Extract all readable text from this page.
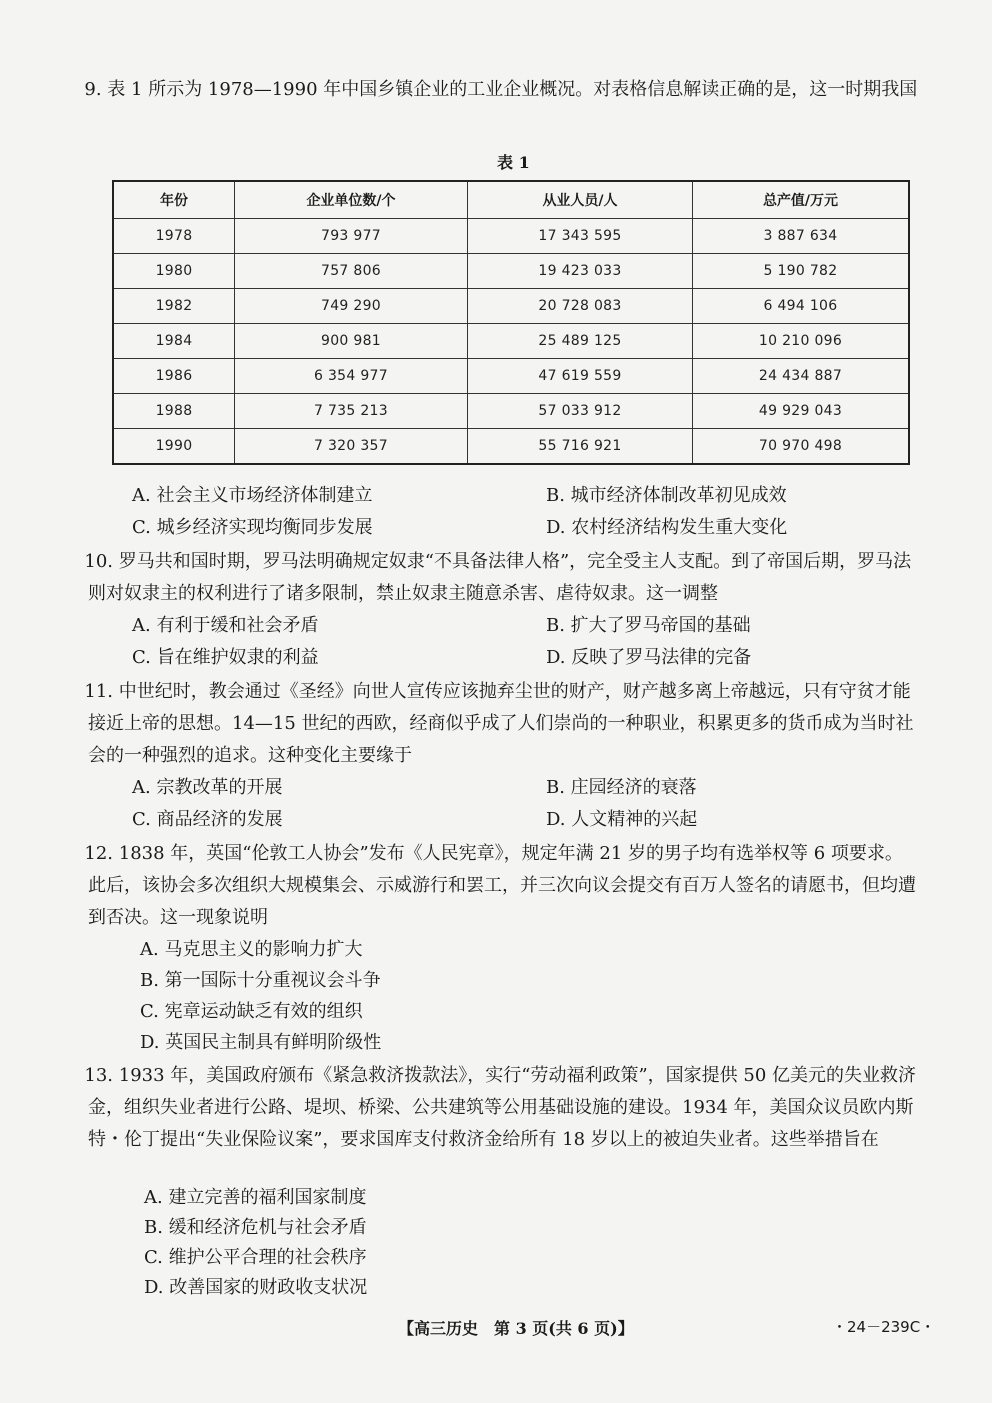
9. 表 1 所示为 1978—1990 年中国乡镇企业的工业企业概况。对表格信息解读正确的是，这一时期我国

表 1
年份	企业单位数/个	从业人员/人	总产值/万元
1978	793 977	17 343 595	3 887 634
1980	757 806	19 423 033	5 190 782
1982	749 290	20 728 083	6 494 106
1984	900 981	25 489 125	10 210 096
1986	6 354 977	47 619 559	24 434 887
1988	7 735 213	57 033 912	49 929 043
1990	7 320 357	55 716 921	70 970 498
A. 社会主义市场经济体制建立	B. 城市经济体制改革初见成效
C. 城乡经济实现均衡同步发展	D. 农村经济结构发生重大变化

10. 罗马共和国时期，罗马法明确规定奴隶“不具备法律人格”，完全受主人支配。到了帝国后期，罗马法则对奴隶主的权利进行了诸多限制，禁止奴隶主随意杀害、虐待奴隶。这一调整

A. 有利于缓和社会矛盾	B. 扩大了罗马帝国的基础
C. 旨在维护奴隶的利益	D. 反映了罗马法律的完备

11. 中世纪时，教会通过《圣经》向世人宣传应该抛弃尘世的财产，财产越多离上帝越远，只有守贫才能接近上帝的思想。14—15 世纪的西欧，经商似乎成了人们崇尚的一种职业，积累更多的货币成为当时社会的一种强烈的追求。这种变化主要缘于

A. 宗教改革的开展	B. 庄园经济的衰落
C. 商品经济的发展	D. 人文精神的兴起

12. 1838 年，英国“伦敦工人协会”发布《人民宪章》，规定年满 21 岁的男子均有选举权等 6 项要求。此后，该协会多次组织大规模集会、示威游行和罢工，并三次向议会提交有百万人签名的请愿书，但均遭到否决。这一现象说明

A. 马克思主义的影响力扩大
B. 第一国际十分重视议会斗争
C. 宪章运动缺乏有效的组织
D. 英国民主制具有鲜明阶级性

13. 1933 年，美国政府颁布《紧急救济拨款法》，实行“劳动福利政策”，国家提供 50 亿美元的失业救济金，组织失业者进行公路、堤坝、桥梁、公共建筑等公用基础设施的建设。1934 年，美国众议员欧内斯特・伦丁提出“失业保险议案”，要求国库支付救济金给所有 18 岁以上的被迫失业者。这些举措旨在

A. 建立完善的福利国家制度
B. 缓和经济危机与社会矛盾
C. 维护公平合理的社会秩序
D. 改善国家的财政收支状况
【高三历史　第 3 页(共 6 页)】	・24－239C・
